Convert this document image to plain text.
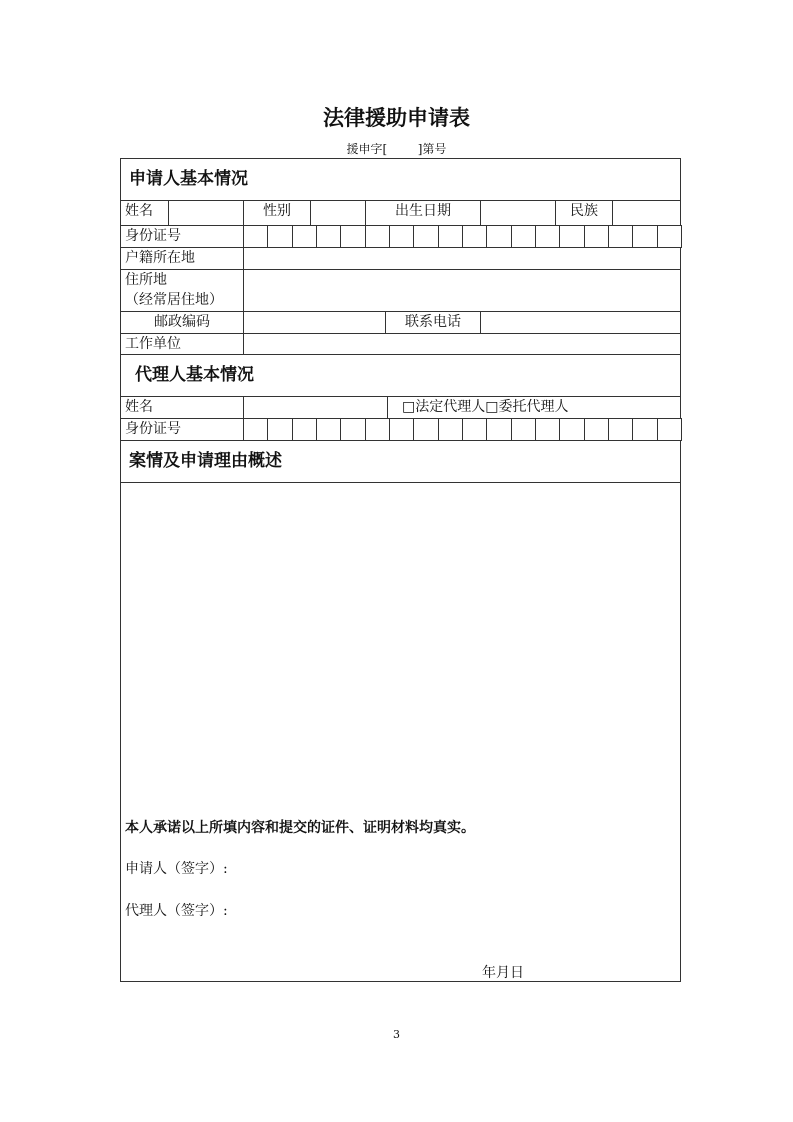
法律援助申请表
援申字[        ]第号
申请人基本情况
姓名	性别	出生日期	民族
身份证号
户籍所在地
住所地
（经常居住地）
邮政编码	联系电话
工作单位
代理人基本情况
姓名	□法定代理人□委托代理人
身份证号
案情及申请理由概述
本人承诺以上所填内容和提交的证件、证明材料均真实。
申请人（签字）:
代理人（签字）:
年月日
3
